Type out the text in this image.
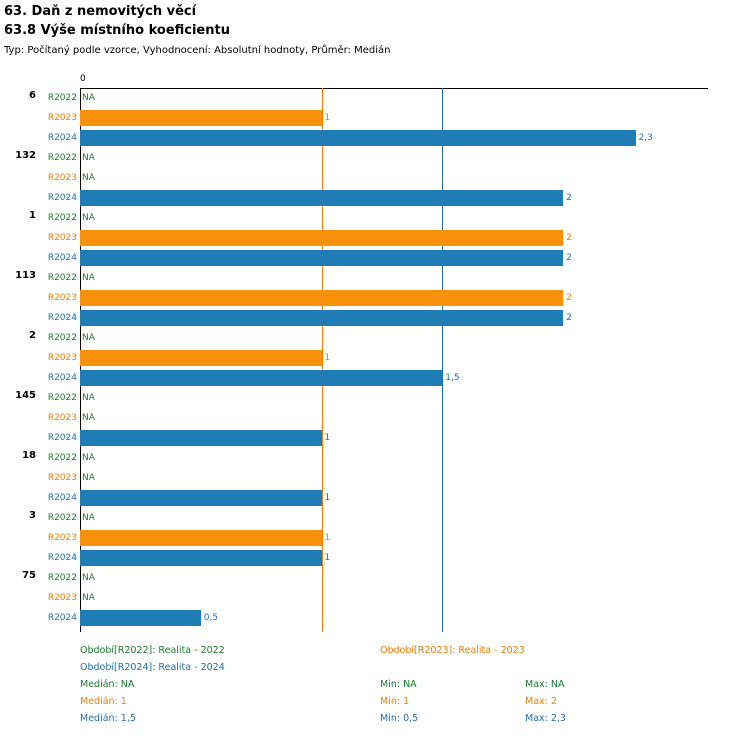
63. Daň z nemovitých věcí
63.8 Výše místního koeficientu
Typ: Počítaný podle vzorce, Vyhodnocení: Absolutní hodnoty, Průměr: Medián
0
6 R2022 NA
R2023	1
R2024	2,3
132 R2022 NA
R2023 NA
R2024	2
1 R2022 NA
R2023	2
R2024	2
113 R2022 NA
R2023	2
R2024	2
2 R2022 NA
R2023	1
R2024	1,5
145 R2022 NA
R2023 NA
R2024	1
18 R2022 NA
R2023 NA
R2024	1
3 R2022 NA
R2023	1
R2024	1
75 R2022 NA
R2023 NA
R2024	0,5
Období[R2022]: Realita - 2022	Období[R2023]: Realita - 2023
Období[R2024]: Realita - 2024
Medián: NA	Min: NA	Max: NA
Medián: 1	Min: 1	Max: 2
Medián: 1,5	Min: 0,5	Max: 2,3
